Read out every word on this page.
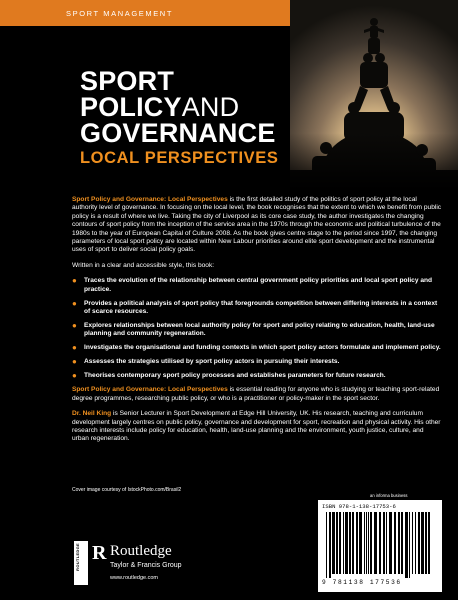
SPORT MANAGEMENT
SPORT
POLICYAND
GOVERNANCE
LOCAL PERSPECTIVES

Sport Policy and Governance: Local Perspectives is the first detailed study of the politics of sport policy at the local authority level of governance. In focusing on the local level, the book recognises that the extent to which we benefit from public policy is a result of where we live. Taking the city of Liverpool as its core case study, the author investigates the changing contours of sport policy from the inception of the service area in the 1970s through the economic and political turbulence of the 1980s to the year of European Capital of Culture 2008. As the book gives centre stage to the period since 1997, the changing parameters of local sport policy are located within New Labour priorities around elite sport development and the instrumental uses of sport to deliver social policy goals.

Written in a clear and accessible style, this book:

● Traces the evolution of the relationship between central government policy priorities and local sport policy and practice.
● Provides a political analysis of sport policy that foregrounds competition between differing interests in a context of scarce resources.
● Explores relationships between local authority policy for sport and policy relating to education, health, land-use planning and community regeneration.
● Investigates the organisational and funding contexts in which sport policy actors formulate and implement policy.
● Assesses the strategies utilised by sport policy actors in pursuing their interests.
● Theorises contemporary sport policy processes and establishes parameters for future research.

Sport Policy and Governance: Local Perspectives is essential reading for anyone who is studying or teaching sport-related degree programmes, researching public policy, or who is a practitioner or policy-maker in the sport sector.

Dr. Neil King is Senior Lecturer in Sport Development at Edge Hill University, UK. His research, teaching and curriculum development largely centres on public policy, governance and development for sport, recreation and physical activity. His other research interests include policy for education, health, land-use planning and the environment, youth justice, culture, and urban regeneration.

Cover image courtesy of IstockPhoto.com/Brasil2
an informa business
ISBN 978-1-138-17753-6
9 781138 177536
ROUTLEDGE R Routledge
Taylor & Francis Group
www.routledge.com
